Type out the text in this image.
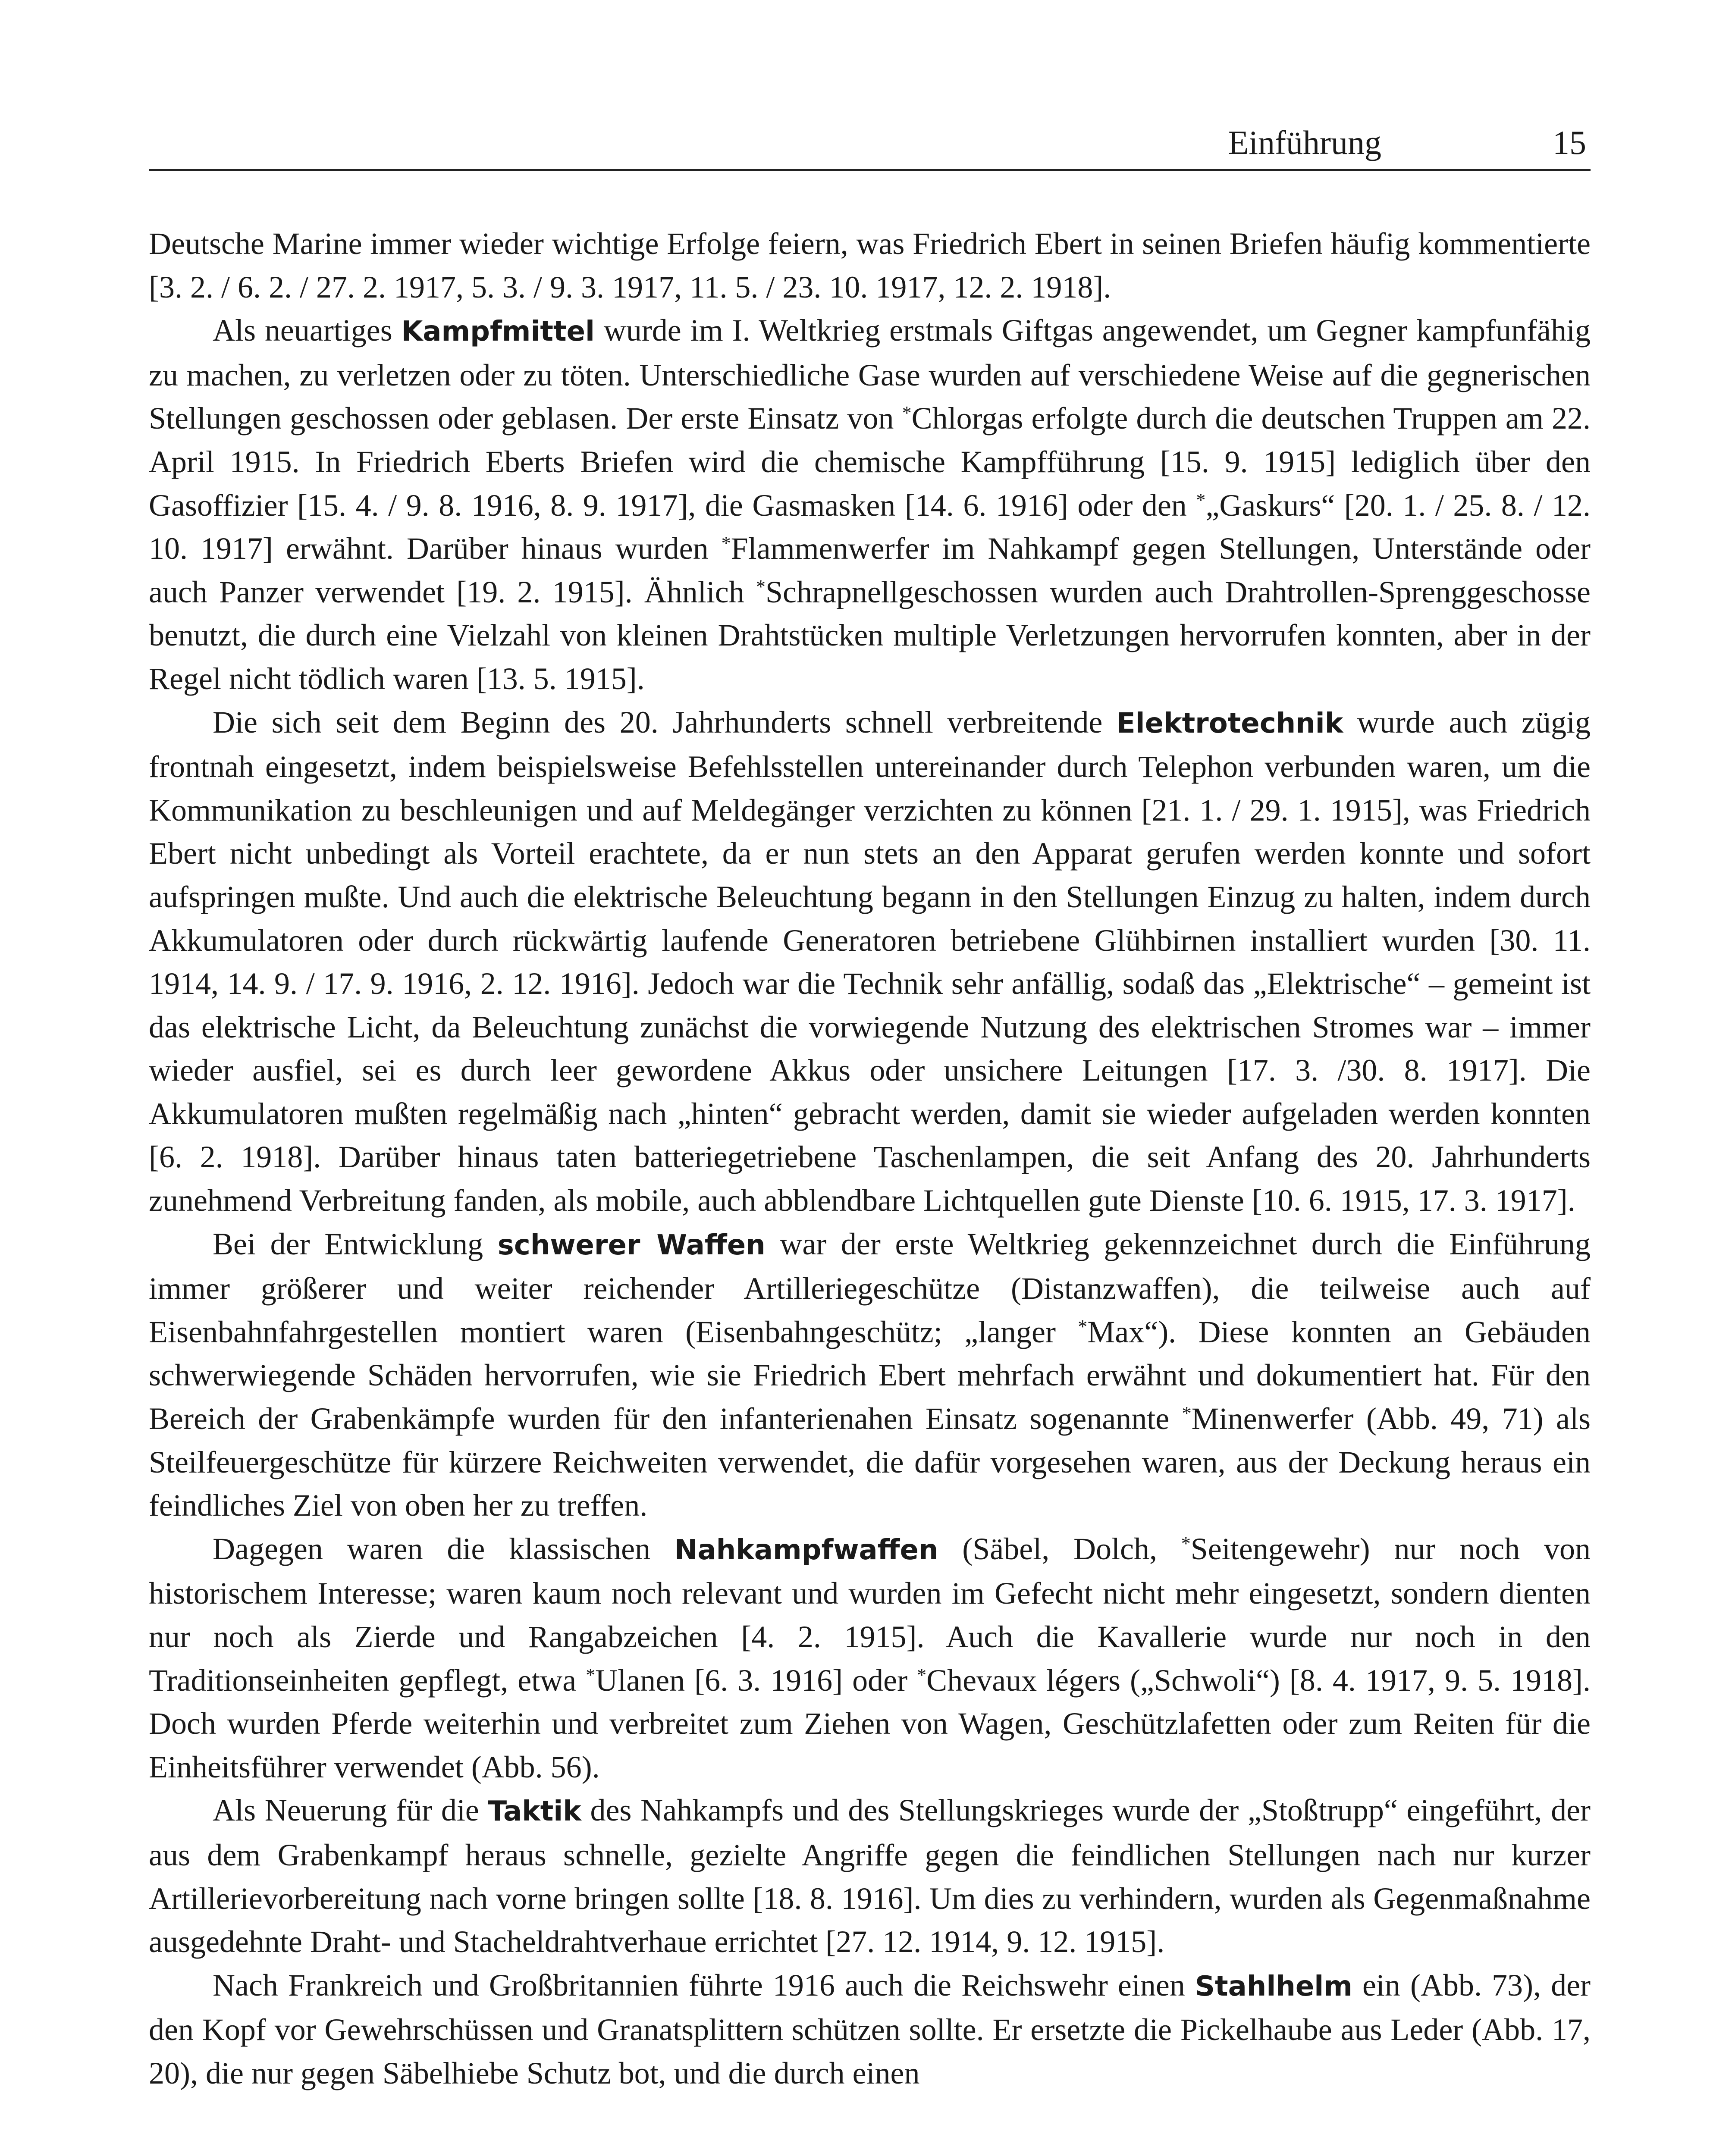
Einführung	15

Deutsche Marine immer wieder wichtige Erfolge feiern, was Friedrich Ebert in seinen Briefen häufig kommentierte [3. 2. / 6. 2. / 27. 2. 1917, 5. 3. / 9. 3. 1917, 11. 5. / 23. 10. 1917, 12. 2. 1918].

Als neuartiges Kampfmittel wurde im I. Weltkrieg erstmals Giftgas angewendet, um Gegner kampfunfähig zu machen, zu verletzen oder zu töten. Unterschiedliche Gase wurden auf verschiedene Weise auf die gegnerischen Stellungen geschossen oder geblasen. Der erste Einsatz von *Chlorgas erfolgte durch die deutschen Truppen am 22. April 1915. In Friedrich Eberts Briefen wird die chemische Kampfführung [15. 9. 1915] lediglich über den Gasoffizier [15. 4. / 9. 8. 1916, 8. 9. 1917], die Gasmasken [14. 6. 1916] oder den *„Gaskurs“ [20. 1. / 25. 8. / 12. 10. 1917] erwähnt. Darüber hinaus wurden *Flammenwerfer im Nahkampf gegen Stellungen, Unterstände oder auch Panzer verwendet [19. 2. 1915]. Ähnlich *Schrapnellgeschossen wurden auch Drahtrollen-Sprenggeschosse benutzt, die durch eine Vielzahl von kleinen Drahtstücken multiple Verletzungen hervorrufen konnten, aber in der Regel nicht tödlich waren [13. 5. 1915].

Die sich seit dem Beginn des 20. Jahrhunderts schnell verbreitende Elektrotechnik wurde auch zügig frontnah eingesetzt, indem beispielsweise Befehlsstellen untereinander durch Telephon verbunden waren, um die Kommunikation zu beschleunigen und auf Meldegänger verzichten zu können [21. 1. / 29. 1. 1915], was Friedrich Ebert nicht unbedingt als Vorteil erachtete, da er nun stets an den Apparat gerufen werden konnte und sofort aufspringen mußte. Und auch die elektrische Beleuchtung begann in den Stellungen Einzug zu halten, indem durch Akkumulatoren oder durch rückwärtig laufende Generatoren betriebene Glühbirnen installiert wurden [30. 11. 1914, 14. 9. / 17. 9. 1916, 2. 12. 1916]. Jedoch war die Technik sehr anfällig, sodaß das „Elektrische“ – gemeint ist das elektrische Licht, da Beleuchtung zunächst die vorwiegende Nutzung des elektrischen Stromes war – immer wieder ausfiel, sei es durch leer gewordene Akkus oder unsichere Leitungen [17. 3. /30. 8. 1917]. Die Akkumulatoren mußten regelmäßig nach „hinten“ gebracht werden, damit sie wieder aufgeladen werden konnten [6. 2. 1918]. Darüber hinaus taten batteriegetriebene Taschenlampen, die seit Anfang des 20. Jahrhunderts zunehmend Verbreitung fanden, als mobile, auch abblendbare Lichtquellen gute Dienste [10. 6. 1915, 17. 3. 1917].

Bei der Entwicklung schwerer Waffen war der erste Weltkrieg gekennzeichnet durch die Einführung immer größerer und weiter reichender Artilleriegeschütze (Distanzwaffen), die teilweise auch auf Eisenbahnfahrgestellen montiert waren (Eisenbahngeschütz; „langer *Max“). Diese konnten an Gebäuden schwerwiegende Schäden hervorrufen, wie sie Friedrich Ebert mehrfach erwähnt und dokumentiert hat. Für den Bereich der Grabenkämpfe wurden für den infanterienahen Einsatz sogenannte *Minenwerfer (Abb. 49, 71) als Steilfeuergeschütze für kürzere Reichweiten verwendet, die dafür vorgesehen waren, aus der Deckung heraus ein feindliches Ziel von oben her zu treffen.

Dagegen waren die klassischen Nahkampfwaffen (Säbel, Dolch, *Seitengewehr) nur noch von historischem Interesse; waren kaum noch relevant und wurden im Gefecht nicht mehr eingesetzt, sondern dienten nur noch als Zierde und Rangabzeichen [4. 2. 1915]. Auch die Kavallerie wurde nur noch in den Traditionseinheiten gepflegt, etwa *Ulanen [6. 3. 1916] oder *Chevaux légers („Schwoli“) [8. 4. 1917, 9. 5. 1918]. Doch wurden Pferde weiterhin und verbreitet zum Ziehen von Wagen, Geschützlafetten oder zum Reiten für die Einheitsführer verwendet (Abb. 56).

Als Neuerung für die Taktik des Nahkampfs und des Stellungskrieges wurde der „Stoßtrupp“ eingeführt, der aus dem Grabenkampf heraus schnelle, gezielte Angriffe gegen die feindlichen Stellungen nach nur kurzer Artillerievorbereitung nach vorne bringen sollte [18. 8. 1916]. Um dies zu verhindern, wurden als Gegenmaßnahme ausgedehnte Draht- und Stacheldrahtverhaue errichtet [27. 12. 1914, 9. 12. 1915].

Nach Frankreich und Großbritannien führte 1916 auch die Reichswehr einen Stahlhelm ein (Abb. 73), der den Kopf vor Gewehrschüssen und Granatsplittern schützen sollte. Er ersetzte die Pickelhaube aus Leder (Abb. 17, 20), die nur gegen Säbelhiebe Schutz bot, und die durch einen
